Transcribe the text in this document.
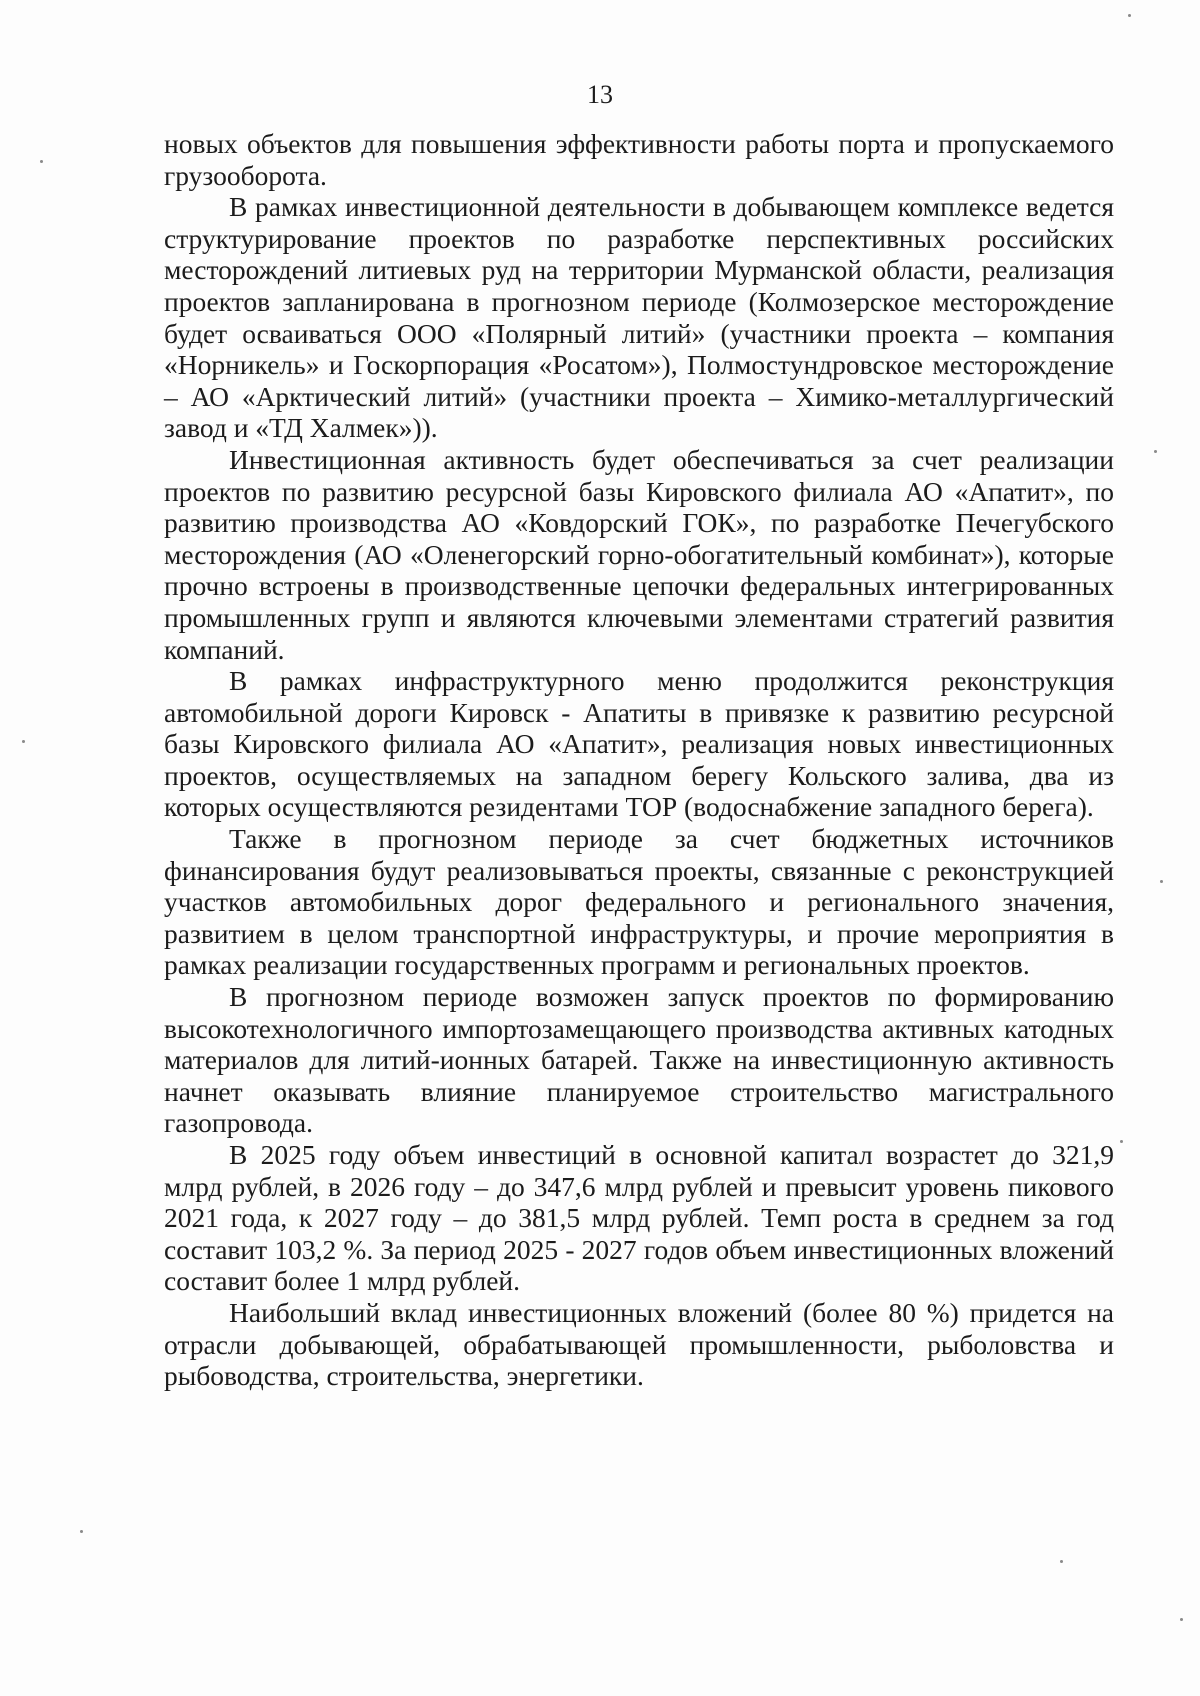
13

новых объектов для повышения эффективности работы порта и пропускаемого грузооборота.

В рамках инвестиционной деятельности в добывающем комплексе ведется структурирование проектов по разработке перспективных российских месторождений литиевых руд на территории Мурманской области, реализация проектов запланирована в прогнозном периоде (Колмозерское месторождение будет осваиваться ООО «Полярный литий» (участники проекта – компания «Норникель» и Госкорпорация «Росатом»), Полмостундровское месторождение – АО «Арктический литий» (участники проекта – Химико-металлургический завод и «ТД Халмек»)).

Инвестиционная активность будет обеспечиваться за счет реализации проектов по развитию ресурсной базы Кировского филиала АО «Апатит», по развитию производства АО «Ковдорский ГОК», по разработке Печегубского месторождения (АО «Оленегорский горно-обогатительный комбинат»), которые прочно встроены в производственные цепочки федеральных интегрированных промышленных групп и являются ключевыми элементами стратегий развития компаний.

В рамках инфраструктурного меню продолжится реконструкция автомобильной дороги Кировск - Апатиты в привязке к развитию ресурсной базы Кировского филиала АО «Апатит», реализация новых инвестиционных проектов, осуществляемых на западном берегу Кольского залива, два из которых осуществляются резидентами ТОР (водоснабжение западного берега).

Также в прогнозном периоде за счет бюджетных источников финансирования будут реализовываться проекты, связанные с реконструкцией участков автомобильных дорог федерального и регионального значения, развитием в целом транспортной инфраструктуры, и прочие мероприятия в рамках реализации государственных программ и региональных проектов.

В прогнозном периоде возможен запуск проектов по формированию высокотехнологичного импортозамещающего производства активных катодных материалов для литий-ионных батарей. Также на инвестиционную активность начнет оказывать влияние планируемое строительство магистрального газопровода.

В 2025 году объем инвестиций в основной капитал возрастет до 321,9 млрд рублей, в 2026 году – до 347,6 млрд рублей и превысит уровень пикового 2021 года, к 2027 году – до 381,5 млрд рублей. Темп роста в среднем за год составит 103,2 %. За период 2025 - 2027 годов объем инвестиционных вложений составит более 1 млрд рублей.

Наибольший вклад инвестиционных вложений (более 80 %) придется на отрасли добывающей, обрабатывающей промышленности, рыболовства и рыбоводства, строительства, энергетики.
